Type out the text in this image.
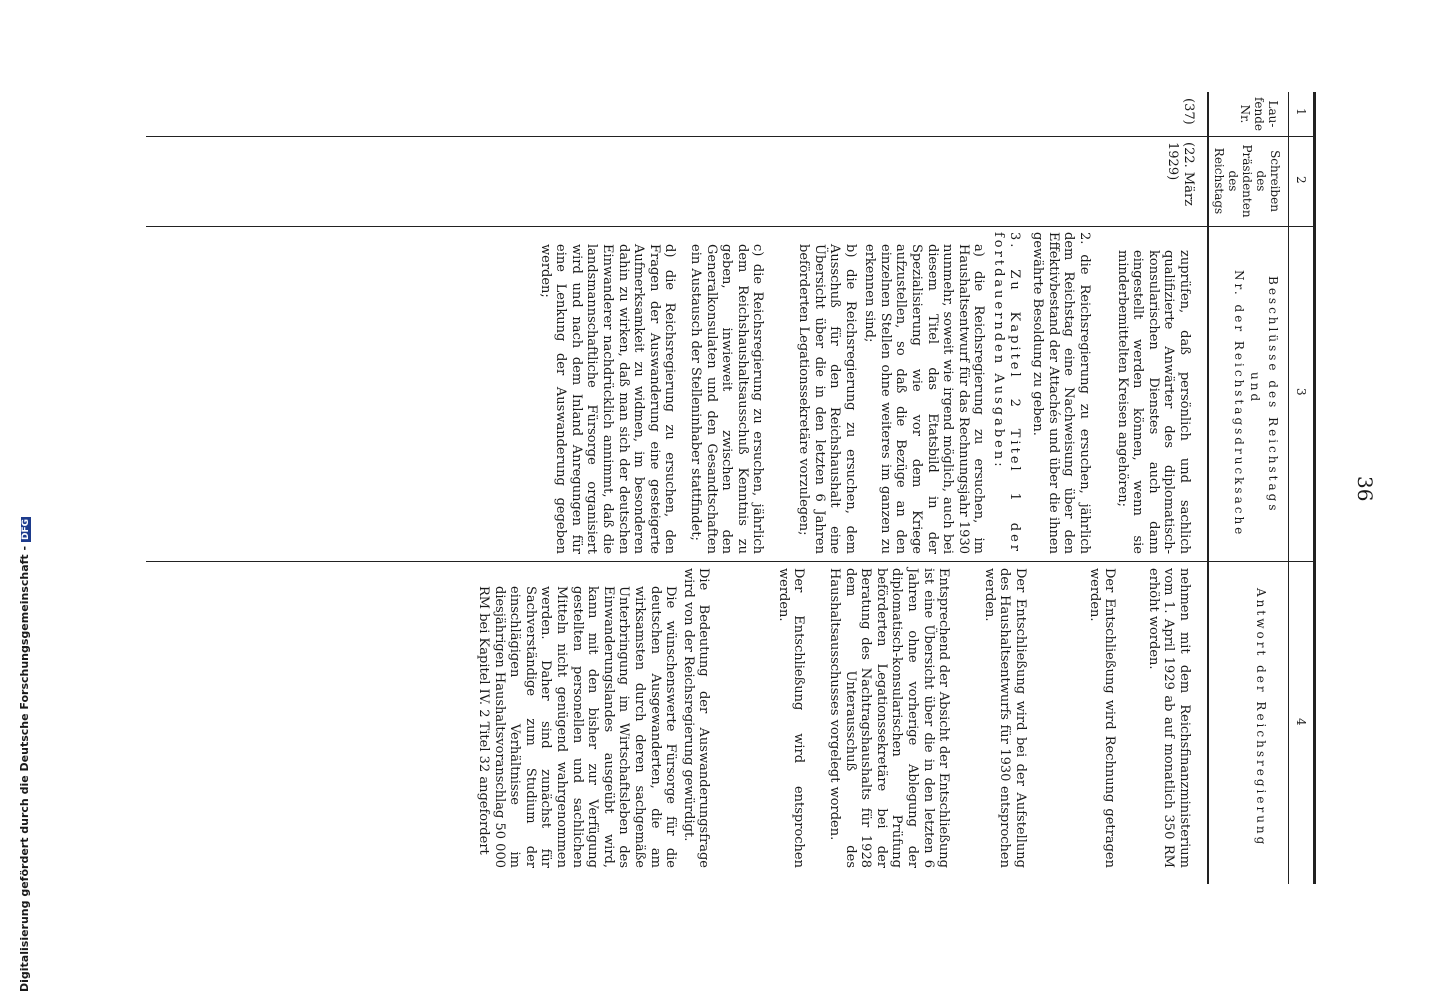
36
1
2
3
4
Lau-fende Nr.
Schreiben des Präsidenten des Reichstags
Beschlüsse des Reichstags
und
Nr. der Reichstagsdrucksache
Antwort der Reichsregierung
(37)
(22. März 1929)

zuprüfen, daß persönlich und sachlich qualifizierte Anwärter des diplomatisch-konsularischen Dienstes auch dann eingestellt werden können, wenn sie minderbemittelten Kreisen angehören;

2. die Reichsregierung zu ersuchen, jährlich dem Reichstag eine Nachweisung über den Effektivbestand der Attachés und über die ihnen gewährte Besoldung zu geben.

3. Zu Kapitel 2 Titel 1 der fortdauernden Ausgaben:

a) die Reichsregierung zu ersuchen, im Haushaltsentwurf für das Rechnungsjahr 1930 nunmehr, soweit wie irgend möglich, auch bei diesem Titel das Etatsbild in der Spezialisierung wie vor dem Kriege aufzustellen, so daß die Bezüge an den einzelnen Stellen ohne weiteres im ganzen zu erkennen sind;

b) die Reichsregierung zu ersuchen, dem Ausschuß für den Reichshaushalt eine Übersicht über die in den letzten 6 Jahren beförderten Legationssekretäre vorzulegen;

c) die Reichsregierung zu ersuchen, jährlich dem Reichshaushaltsausschuß Kenntnis zu geben, inwieweit zwischen den Generalkonsulaten und den Gesandtschaften ein Austausch der Stelleninhaber stattfindet;

d) die Reichsregierung zu ersuchen, den Fragen der Auswanderung eine gesteigerte Aufmerksamkeit zu widmen, im besonderen dahin zu wirken, daß man sich der deutschen Einwanderer nachdrücklich annimmt, daß die landsmannschaftliche Fürsorge organisiert wird und nach dem Inland Anregungen für eine Lenkung der Auswanderung gegeben werden;

nehmen mit dem Reichsfinanzministerium vom 1. April 1929 ab auf monatlich 350 RM erhöht worden.

Der Entschließung wird Rechnung getragen werden.

Der Entschließung wird bei der Aufstellung des Haushaltsentwurfs für 1930 entsprochen werden.

Entsprechend der Absicht der Entschließung ist eine Übersicht über die in den letzten 6 Jahren ohne vorherige Ablegung der diplomatisch-konsularischen Prüfung beförderten Legationssekretäre bei der Beratung des Nachtragshaushalts für 1928 dem Unterausschuß des Haushaltsausschusses vorgelegt worden.

Der Entschließung wird entsprochen werden.

Die Bedeutung der Auswanderungsfrage wird von der Reichsregierung gewürdigt.

Die wünschenswerte Fürsorge für die deutschen Ausgewanderten, die am wirksamsten durch deren sachgemäße Unterbringung im Wirtschaftsleben des Einwanderungslandes ausgeübt wird, kann mit den bisher zur Verfügung gestellten personellen und sachlichen Mitteln nicht genügend wahrgenommen werden. Daher sind zunächst für Sachverständige zum Studium der einschlägigen Verhältnisse im diesjährigen Haushaltsvoranschlag 50 000 RM bei Kapitel IV. 2 Titel 32 angefordert

Digitalisierung gefördert durch die Deutsche Forschungsgemeinschaft -DFG
